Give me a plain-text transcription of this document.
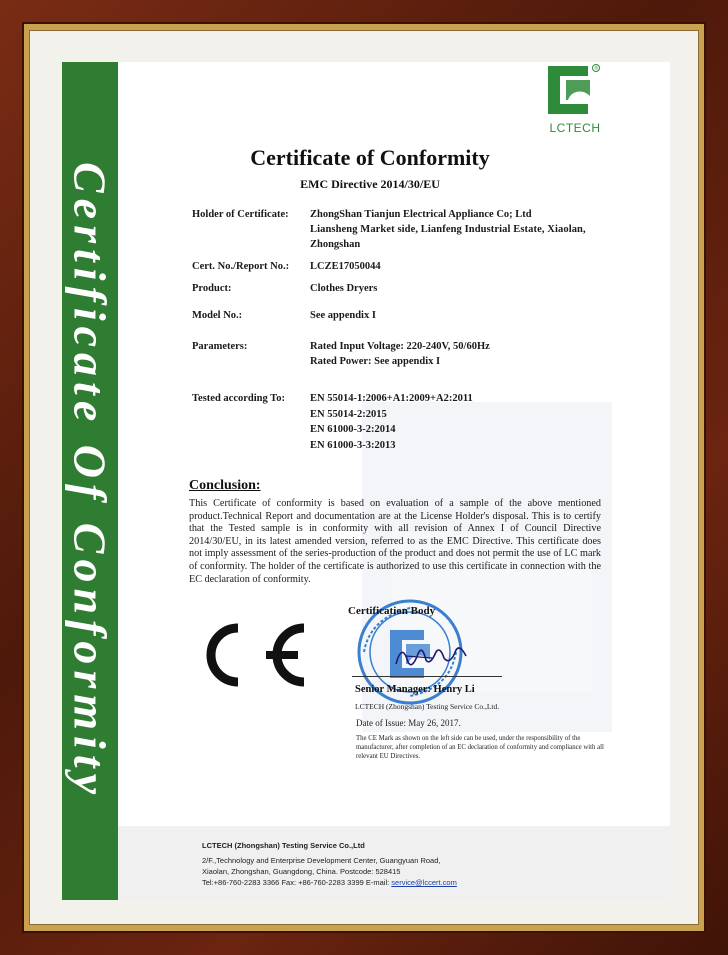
Certificate Of Conformity
®
LCTECH
Certificate of Conformity
EMC Directive 2014/30/EU
Holder of Certificate:	ZhongShan Tianjun Electrical Appliance Co; Ltd
Liansheng Market side, Lianfeng Industrial Estate, Xiaolan,
Zhongshan
Cert. No./Report No.:	LCZE17050044
Product:	Clothes Dryers
Model No.:	See appendix I
Parameters:	Rated Input Voltage: 220-240V, 50/60Hz
Rated Power: See appendix I
Tested according To:	EN 55014-1:2006+A1:2009+A2:2011
EN 55014-2:2015
EN 61000-3-2:2014
EN 61000-3-3:2013
Conclusion:
This Certificate of conformity is based on evaluation of a sample of the above mentioned product.Technical Report and documentation are at the License Holder's disposal. This is to certify that the Tested sample is in conformity with all revision of Annex I of Council Directive 2014/30/EU, in its latest amended version, referred to as the EMC Directive. This certificate does not imply assessment of the series-production of the product and does not permit the use of LC mark of conformity. The holder of the certificate is authorized to use this certificate in connection with the EC declaration of conformity.
Certification Body
Senior Manager: Henry Li
LCTECH (Zhongshan) Testing Service Co.,Ltd.
Date of Issue: May 26, 2017.
The CE Mark as shown on the left side can be used, under the responsibility of the manufacturer, after completion of an EC declaration of conformity and compliance with all relevant EU Directives.
LCTECH (Zhongshan) Testing Service Co.,Ltd
2/F.,Technology and Enterprise Development Center, Guangyuan Road,
Xiaolan, Zhongshan, Guangdong, China. Postcode: 528415
Tel:+86-760-2283 3366 Fax: +86-760-2283 3399 E-mail: service@lccert.com
